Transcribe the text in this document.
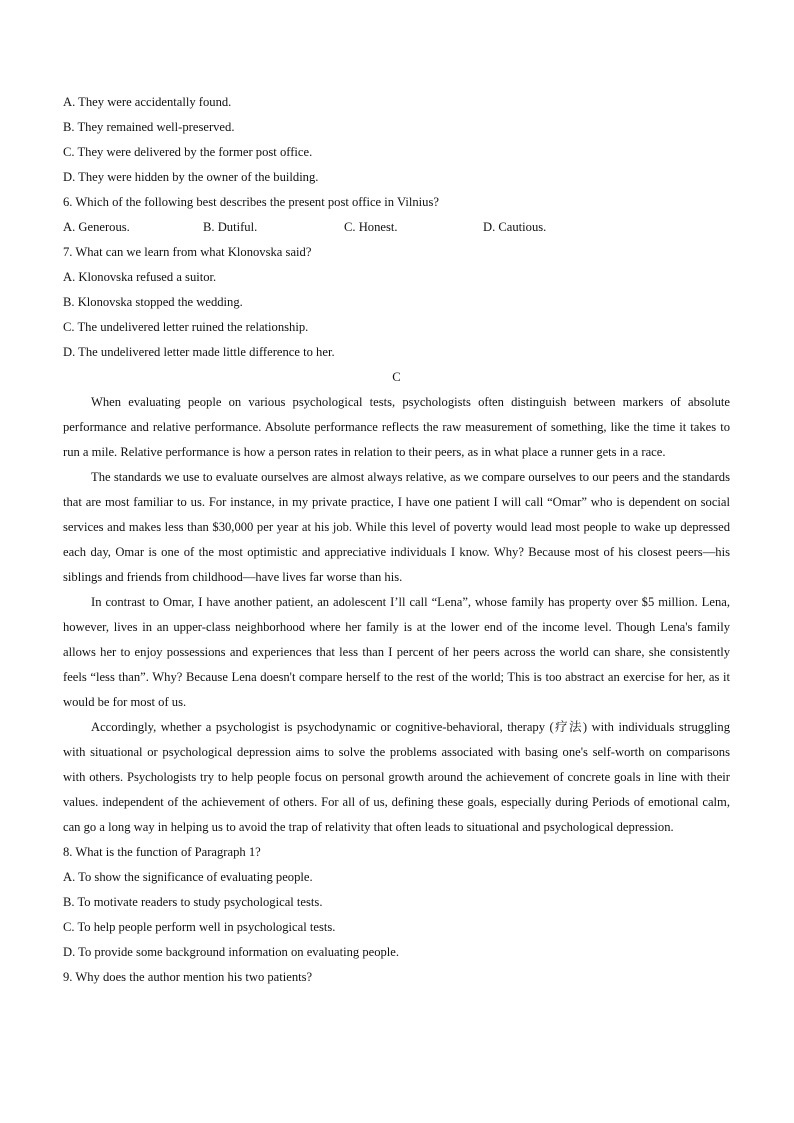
A. They were accidentally found.
B. They remained well-preserved.
C. They were delivered by the former post office.
D. They were hidden by the owner of the building.
6. Which of the following best describes the present post office in Vilnius?
A. Generous.	B. Dutiful.	C. Honest.	D. Cautious.
7. What can we learn from what Klonovska said?
A. Klonovska refused a suitor.
B. Klonovska stopped the wedding.
C. The undelivered letter ruined the relationship.
D. The undelivered letter made little difference to her.
C

When evaluating people on various psychological tests, psychologists often distinguish between markers of absolute performance and relative performance. Absolute performance reflects the raw measurement of something, like the time it takes to run a mile. Relative performance is how a person rates in relation to their peers, as in what place a runner gets in a race.

The standards we use to evaluate ourselves are almost always relative, as we compare ourselves to our peers and the standards that are most familiar to us. For instance, in my private practice, I have one patient I will call “Omar” who is dependent on social services and makes less than $30,000 per year at his job. While this level of poverty would lead most people to wake up depressed each day, Omar is one of the most optimistic and appreciative individuals I know. Why? Because most of his closest peers—his siblings and friends from childhood—have lives far worse than his.

In contrast to Omar, I have another patient, an adolescent I’ll call “Lena”, whose family has property over $5 million. Lena, however, lives in an upper-class neighborhood where her family is at the lower end of the income level. Though Lena's family allows her to enjoy possessions and experiences that less than I percent of her peers across the world can share, she consistently feels “less than”. Why? Because Lena doesn't compare herself to the rest of the world; This is too abstract an exercise for her, as it would be for most of us.

Accordingly, whether a psychologist is psychodynamic or cognitive-behavioral, therapy (疗法) with individuals struggling with situational or psychological depression aims to solve the problems associated with basing one's self-worth on comparisons with others. Psychologists try to help people focus on personal growth around the achievement of concrete goals in line with their values. independent of the achievement of others. For all of us, defining these goals, especially during Periods of emotional calm, can go a long way in helping us to avoid the trap of relativity that often leads to situational and psychological depression.

8. What is the function of Paragraph 1?
A. To show the significance of evaluating people.
B. To motivate readers to study psychological tests.
C. To help people perform well in psychological tests.
D. To provide some background information on evaluating people.
9. Why does the author mention his two patients?
